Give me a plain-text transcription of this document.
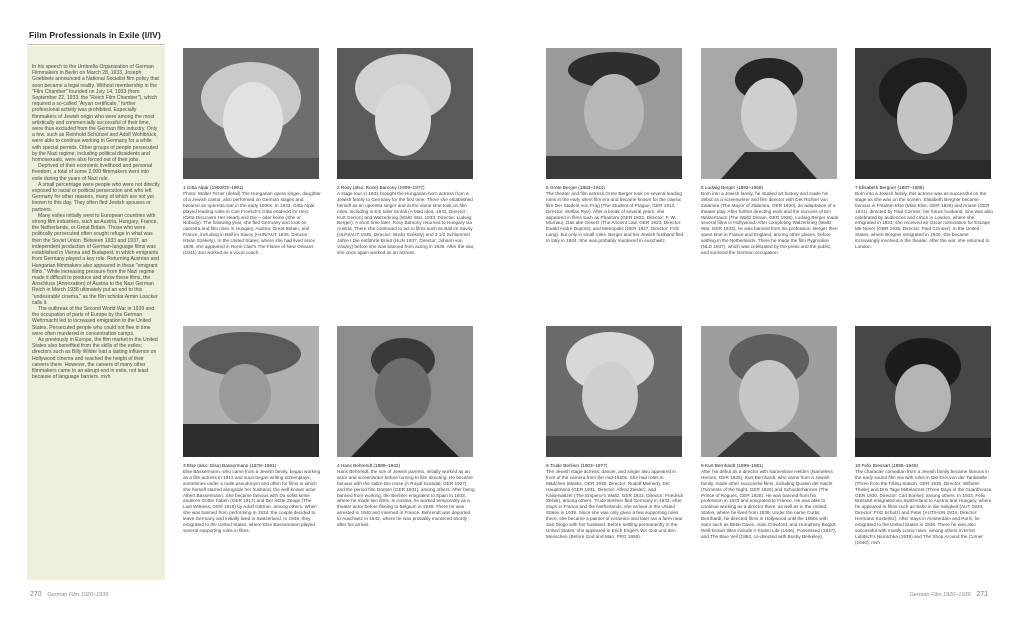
Film Professionals in Exile (I/IV)

In his speech to the Umbrella Organization of German Filmmakers in Berlin on March 28, 1933, Joseph Goebbels announced a National Socialist film policy that soon became a legal reality. Without membership in the "Film Chamber" founded on July 14, 1933 (from September 22, 1933: the "Reich Film Chamber"), which required a so-called "Aryan certificate," further professional activity was prohibited. Especially filmmakers of Jewish origin who were among the most artistically and commercially successful of their time, were thus excluded from the German film industry. Only a few, such as Reinhold Schünzel and Adolf Wohlbrück, were able to continue working in Germany for a while with special permits. Other groups of people persecuted by the Nazi regime, including political dissidents and homosexuals, were also forced out of their jobs.

Deprived of their economic livelihood and personal freedom, a total of some 2,000 filmmakers went into exile during the years of Nazi rule.

A small percentage were people who were not directly exposed to racial or political persecution and who left Germany for other reasons, many of which are not yet known to this day. They often fled Jewish spouses or partners.

Many exiles initially went to European countries with strong film industries, such as Austria, Hungary, France, the Netherlands, or Great Britain. Those who were politically persecuted often sought refuge in what was then the Soviet Union. Between 1933 and 1937, an independent production of German-language films was established in Vienna and Budapest, in which emigrants from Germany played a key role. Returning Austrian and Hungarian filmmakers also appeared in these "emigrant films." While increasing pressure from the Nazi regime made it difficult to produce and show these films, the Anschluss (Annexation) of Austria to the Nazi German Reich in March 1938 ultimately put an end to this "undesirable cinema," as the film scholar Armin Loacker calls it.

The outbreak of the Second World War in 1939 and the occupation of parts of Europe by the German Wehrmacht led to increased emigration to the United States. Persecuted people who could not flee in time were often murdered in concentration camps.

As previously in Europe, the film market in the United States also benefited from the skills of the exiles; directors such as Billy Wilder had a lasting influence on Hollywood cinema and reached the height of their careers there. However, the careers of many other filmmakers came to an abrupt end in exile, not least because of language barriers. mvh

1 Gitta Alpár (1900/03–1991)
Photo: Walter Firner (detail) The Hungarian opera singer, daughter of a Jewish cantor, also performed on German stages and became an operetta star in the early 1930s. In 1932, Gitta Alpár played leading roles in Carl Froelich's Gitta entdeckt ihr Herz (Gitta Discovers Her Heart) and Die – oder keine (She or Nobody). The following year, she fled Germany and took on operetta and film roles in Hungary, Austria, Great Britain, and France, including in Ball im Savoy (HUN/AUT 1935, Director: István Székely). In the United States, where she had lived since 1939, she appeared in René Clair's The Flame of New Orleans (1941) and worked as a vocal coach.
2 Rosy (also: Rose) Barsony (1909–1977)
A stage tour in 1931 brought the Hungarian-born actress from a Jewish family to Germany for the first time. There she established herself as an operetta singer and at the same time took on film roles, including in Ein toller Einfall (A Mad Idea, 1932, Director: Kurt Gerron) and Walzerkrieg (Waltz War, 1933, Director: Ludwig Berger). A short time later, Rosy Barsony returned to Hungary via Austria. There she continued to act in films such as Ball im Savoy (HUN/AUT 1935, Director: István Székely) and 3 1/2 Schlummer Jahre / Die entführte Braut (HUN 1937, Director: Johann von Vásáry) before she was banned from acting in 1939. After the war, she once again worked as an actress.
5 Grete Berger (1883–1944)
The theater and film actress Grete Berger took on several leading roles in the early silent film era and became known for the classic film Der Student von Prag (The Student of Prague, GER 1913, Director: Stellan Rye). After a break of several years, she appeared in films such as Phantom (GER 1922, Director: F. W. Murnau), Das alte Gesetz (The Ancient Law, GER 1923, Director: Ewald André Dupont), and Metropolis (GER 1927, Director: Fritz Lang), but only in small roles. Berger and her Jewish husband fled to Italy in 1944. She was probably murdered in Auschwitz.
6 Ludwig Berger (1892–1969)
Born into a Jewish family, he studied art history and made his debut as a screenwriter and film director with Der Richter von Zalamea (The Mayor of Zalamea, GER 1920), an adaptation of a theater play. After further directing work and the success of Ein Walzertraum (The Waltz Dream, GER 1925), Ludwig Berger made several films in Hollywood. After completing Walzerkrieg (Waltz War, GER 1933), he was banned from his profession. Berger then spent time in France and England, among other places, before settling in the Netherlands. There he made the film Pygmalion (NLD 1937), which was celebrated by the press and the public, and survived the German occupation.
7 Elisabeth Bergner (1897–1986)
Born into a Jewish family, this actress was as successful on the stage as she was on the screen. Elisabeth Bergner became famous in Fräulein Else (Miss Else, GER 1929) and Ariane (GER 1931), directed by Paul Czinner, her future husband. She was also celebrated by audiences and critics in London, where she emigrated in 1933; she received an Oscar nomination for Escape Me Never (GBR 1935, Director: Paul Czinner). In the United States, where Bergner emigrated in 1940, she became increasingly involved in the theater. After the war, she returned to London.
3 Else (also: Elsa) Bassermann (1878–1961)
Else Bassermann, who came from a Jewish family, began working as a film actress in 1913 and soon began writing screenplays, sometimes under a male pseudonym and often for films in which she herself starred alongside her husband, the well-known actor Albert Bassermann. She became famous with Du sollst keine anderen Götter haben (GER 1917) and Der letzte Zeuge (The Last Witness, GER 1919) by Adolf Gärtner, among others. When she was banned from performing in 1934, the couple decided to leave Germany and initially lived in Switzerland. In 1939, they emigrated to the United States, where Else Bassermann played several supporting roles in films.
4 Hans Behrendt (1889–1942)
Hans Behrendt, the son of Jewish parents, initially worked as an actor and screenwriter before turning to film directing. He became famous with the satire Die Hose (A Royal Scandal, GER 1927) and the period film Danton (GER 1931), among others. After being banned from working, the Berliner emigrated to Spain in 1933, where he made two films. In Austria, he worked temporarily as a theater actor before fleeing to Belgium in 1938. There he was arrested in 1940 and interned in France. Behrendt was deported to Auschwitz in 1942, where he was probably murdered shortly after his arrival.
8 Trude Berliner (1903–1977)
The Jewish stage actress, dancer, and singer also appeared in front of the camera from the mid-1920s. She had roles in Mädchen (Masks, GER 1930, Director: Rudolf Meinert), Der Hauptmann (GER 1931, Director: Alfred Zeisler), and Kaiserwalzer (The Emperor's Waltz, GER 1933, Director: Friedrich Zelnik), among others. Trude Berliner fled Germany in 1933. After stops in France and the Netherlands, she arrived in the United States in 1939. Since she was only given a few supporting roles there, she became a painter of ceramics and later ran a farm near San Diego with her husband. Before settling permanently in the United States, she appeared in Erich Engel's Vor Gott und den Menschen (Before God and Man, FRG 1955).
9 Kurt Bernhardt (1899–1981)
After his debut as a director with Namenlose Helden (Nameless Heroes, GER 1925), Kurt Bernhardt, who came from a Jewish family, made other successful films, including Qualen der Nacht (Torments of the Night, GER 1926) and Schinderhannes (The Prince of Rogues, GER 1928). He was banned from his profession in 1933 and emigrated to France. He was able to continue working as a director there, as well as in the United States, where he lived from 1939. Under the name Curtis Bernhardt, he directed films in Hollywood until the 1950s with stars such as Bette Davis, Joan Crawford, and Humphrey Bogart. Well-known titles include A Stolen Life (1946), Possessed (1947), and The Blue Veil (1952, co-directed with Busby Berkeley).
10 Felix Bressart (1895–1949)
The character comedian from a Jewish family became famous in the early sound film era with roles in Die Drei von der Tankstelle (Three from the Filling Station, GER 1930, Director: Wilhelm Thiele) and Drei Tage Mittelarrest (Three Days in the Guardhouse, GER 1930, Director: Carl Boese), among others. In 1933, Felix Bressart emigrated via Switzerland to Austria and Hungary, where he appeared in films such as Salto in die Seligkeit (AUT 1934, Director: Fritz Schulz) and Peter (AUT/HUN 1934, Director: Hermann Kosterlitz). After stays in Amsterdam and Paris, he emigrated to the United States in 1938. There he was also successful with mostly comic roles, among others in Ernst Lubitsch's Ninotchka (1939) and The Shop Around the Corner (1940). mvh
270 German Film 1920–1939	German Film 1920–1939 271
